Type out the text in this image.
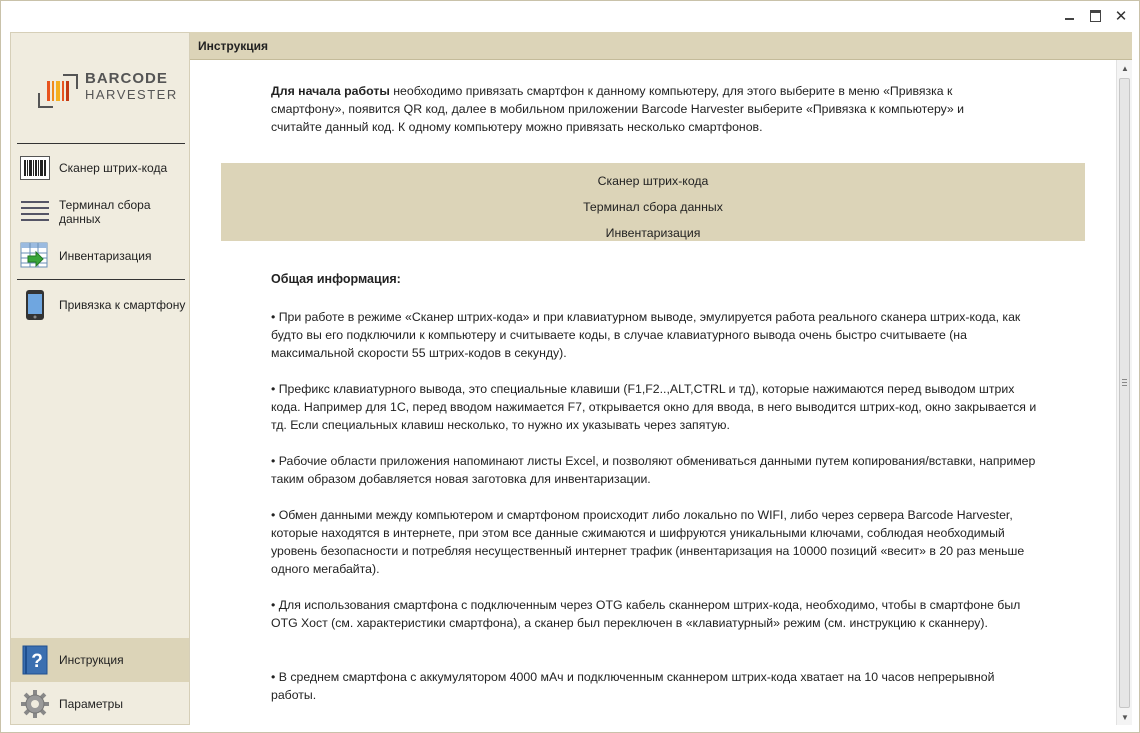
✕
BARCODE
HARVESTER
Сканер штрих-кода
Терминал сбора данных
Инвентаризация
Привязка к смартфону
? Инструкция
Параметры
Инструкция
Для начала работы необходимо привязать смартфон к данному компьютеру, для этого выберите в меню «Привязка к смартфону», появится QR код, далее в мобильном приложении Barcode Harvester выберите «Привязка к компьютеру» и считайте данный код. К одному компьютеру можно привязать несколько смартфонов.
Сканер штрих-кода
Терминал сбора данных
Инвентаризация
Общая информация:
• При работе в режиме «Сканер штрих-кода» и при клавиатурном выводе, эмулируется работа реального сканера штрих-кода, как будто вы его подключили к компьютеру и считываете коды, в случае клавиатурного вывода очень быстро считываете (на максимальной скорости 55 штрих-кодов в секунду).
• Префикс клавиатурного вывода, это специальные клавиши (F1,F2..,ALT,CTRL и тд), которые нажимаются перед выводом штрих кода. Например для 1С, перед вводом нажимается F7, открывается окно для ввода, в него выводится штрих-код, окно закрывается и тд. Если специальных клавиш несколько, то нужно их указывать через запятую.
• Рабочие области приложения напоминают листы Excel, и позволяют обмениваться данными путем копирования/вставки, например таким образом добавляется новая заготовка для инвентаризации.
• Обмен данными между компьютером и смартфоном происходит либо локально по WIFI, либо через сервера Barcode Harvester, которые находятся в интернете, при этом все данные сжимаются и шифруются уникальными ключами, соблюдая необходимый уровень безопасности и потребляя несущественный интернет трафик (инвентаризация на 10000 позиций «весит» в 20 раз меньше одного мегабайта).
• Для использования смартфона с подключенным через OTG кабель сканнером штрих-кода, необходимо, чтобы в смартфоне был OTG Хост (см. характеристики смартфона), а сканер был переключен в «клавиатурный» режим (см. инструкцию к сканнеру).
• В среднем смартфона с аккумулятором 4000 мАч и подключенным сканнером штрих-кода хватает на 10 часов непрерывной работы.
▲
▼
